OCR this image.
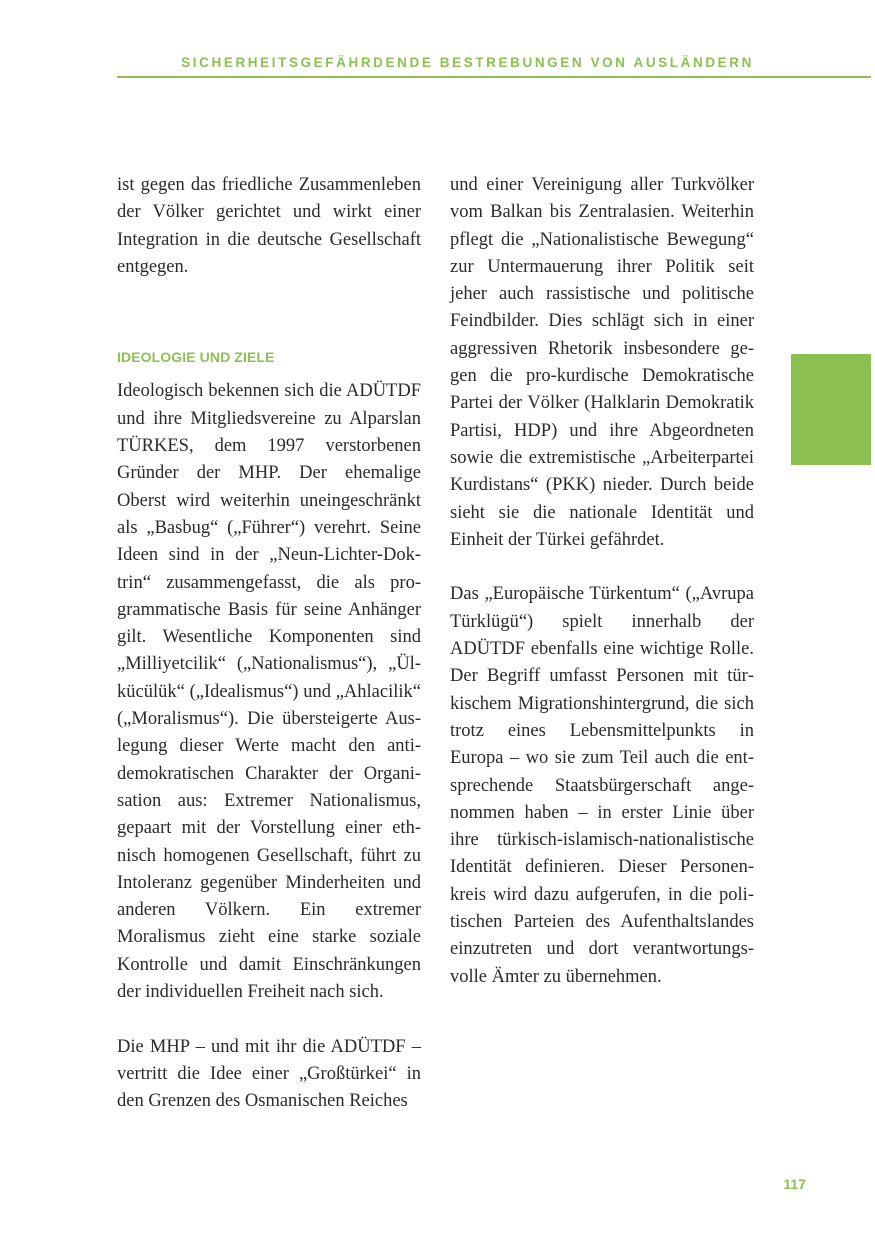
SICHERHEITSGEFÄHRDENDE BESTREBUNGEN VON AUSLÄNDERN

ist gegen das friedliche Zusammenleben der Völker gerichtet und wirkt einer Integration in die deutsche Gesellschaft entgegen.

IDEOLOGIE UND ZIELE

Ideologisch bekennen sich die ADÜTDF und ihre Mitgliedsvereine zu Alparslan TÜRKES, dem 1997 verstorbenen Gründer der MHP. Der ehemalige Oberst wird weiterhin uneingeschränkt als „Basbug“ („Führer“) verehrt. Seine Ideen sind in der „Neun-Lichter-Doktrin“ zusammengefasst, die als programmatische Basis für seine Anhänger gilt. Wesentliche Komponenten sind „Milliyetcilik“ („Nationalismus“), „Ülkücülük“ („Idealismus“) und „Ahlacilik“ („Moralismus“). Die übersteigerte Auslegung dieser Werte macht den antidemokratischen Charakter der Organisation aus: Extremer Nationalismus, gepaart mit der Vorstellung einer ethnisch homogenen Gesellschaft, führt zu Intoleranz gegenüber Minderheiten und anderen Völkern. Ein extremer Moralismus zieht eine starke soziale Kontrolle und damit Einschränkungen der individuellen Freiheit nach sich.

Die MHP – und mit ihr die ADÜTDF – vertritt die Idee einer „Großtürkei“ in den Grenzen des Osmanischen Reiches

und einer Vereinigung aller Turkvölker vom Balkan bis Zentralasien. Weiterhin pflegt die „Nationalistische Bewegung“ zur Untermauerung ihrer Politik seit jeher auch rassistische und politische Feindbilder. Dies schlägt sich in einer aggressiven Rhetorik insbesondere gegen die pro-kurdische Demokratische Partei der Völker (Halklarin Demokratik Partisi, HDP) und ihre Abgeordneten sowie die extremistische „Arbeiterpartei Kurdistans“ (PKK) nieder. Durch beide sieht sie die nationale Identität und Einheit der Türkei gefährdet.

Das „Europäische Türkentum“ („Avrupa Türklügü“) spielt innerhalb der ADÜTDF ebenfalls eine wichtige Rolle. Der Begriff umfasst Personen mit türkischem Migrationshintergrund, die sich trotz eines Lebensmittelpunkts in Europa – wo sie zum Teil auch die entsprechende Staatsbürgerschaft angenommen haben – in erster Linie über ihre türkisch-islamisch-nationalistische Identität definieren. Dieser Personenkreis wird dazu aufgerufen, in die politischen Parteien des Aufenthaltslandes einzutreten und dort verantwortungsvolle Ämter zu übernehmen.

117
